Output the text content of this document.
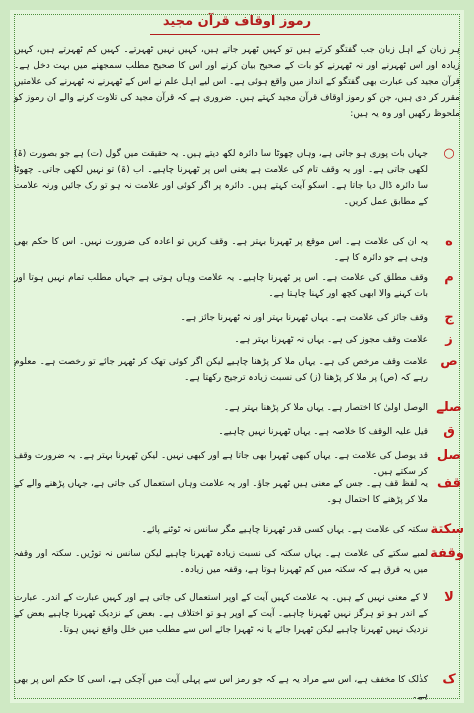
رموز اوقاف قرآن مجید
ہر زبان کے اہل زبان جب گفتگو کرتے ہیں تو کہیں ٹھہر جاتے ہیں، کہیں نہیں ٹھہرتے۔ کہیں کم ٹھہرتے ہیں، کہیں زیادہ اور اس ٹھہرنے اور نہ ٹھہرنے کو بات کے صحیح بیان کرنے اور اس کا صحیح مطلب سمجھنے میں بہت دخل ہے۔ قرآن مجید کی عبارت بھی گفتگو کے انداز میں واقع ہوئی ہے۔ اس لیے اہل علم نے اس کے ٹھہرنے نہ ٹھہرنے کی علامتیں مقرر کر دی ہیں، جن کو رموز اوقاف قرآن مجید کہتے ہیں۔ ضروری ہے کہ قرآن مجید کی تلاوت کرنے والے ان رموز کو ملحوظ رکھیں اور وہ یہ ہیں:
○
جہاں بات پوری ہو جاتی ہے، وہاں چھوٹا سا دائرہ لکھ دیتے ہیں۔ یہ حقیقت میں گول (ت) ہے جو بصورت (ۃ) لکھی جاتی ہے۔ اور یہ وقف تام کی علامت ہے یعنی اس پر ٹھہرنا چاہیے۔ اب (ۃ) تو نہیں لکھی جاتی۔ چھوٹا سا دائرہ ڈال دیا جاتا ہے۔ اسکو آیت کہتے ہیں۔ دائرہ پر اگر کوئی اور علامت نہ ہو تو رک جائیں ورنہ علامت کے مطابق عمل کریں۔
ە
یہ ان کی علامت ہے۔ اس موقع پر ٹھہرنا بہتر ہے۔ وقف کریں تو اعادہ کی ضرورت نہیں۔ اس کا حکم بھی وہی ہے جو دائرہ کا ہے۔
م
وقف مطلق کی علامت ہے۔ اس پر ٹھہرنا چاہیے۔ یہ علامت وہاں ہوتی ہے جہاں مطلب تمام نہیں ہوتا اور بات کہنے والا ابھی کچھ اور کہنا چاہتا ہے۔
ج
وقف جائز کی علامت ہے۔ یہاں ٹھہرنا بہتر اور نہ ٹھہرنا جائز ہے۔
ز
علامت وقف مجوز کی ہے۔ یہاں نہ ٹھہرنا بہتر ہے۔
ص
علامت وقف مرخص کی ہے۔ یہاں ملا کر پڑھنا چاہیے لیکن اگر کوئی تھک کر ٹھہر جائے تو رخصت ہے۔ معلوم رہے کہ (ص) پر ملا کر پڑھنا (ز) کی نسبت زیادہ ترجیح رکھتا ہے۔
صلے
الوصل اولیٰ کا اختصار ہے۔ یہاں ملا کر پڑھنا بہتر ہے۔
ق
قیل علیہ الوقف کا خلاصہ ہے۔ یہاں ٹھہرنا نہیں چاہیے۔
صل
قد یوصل کی علامت ہے۔ یہاں کبھی ٹھہرا بھی جاتا ہے اور کبھی نہیں۔ لیکن ٹھہرنا بہتر ہے۔ یہ ضرورت وقف کر سکتے ہیں۔
قف
یہ لفظ قف ہے۔ جس کے معنی ہیں ٹھہر جاؤ۔ اور یہ علامت وہاں استعمال کی جاتی ہے، جہاں پڑھنے والے کے ملا کر پڑھنے کا احتمال ہو۔
سکتة
سکتہ کی علامت ہے۔ یہاں کسی قدر ٹھہرنا چاہیے مگر سانس نہ ٹوٹنے پائے۔
وقفة
لمبے سکتے کی علامت ہے۔ یہاں سکتہ کی نسبت زیادہ ٹھہرنا چاہیے لیکن سانس نہ توڑیں۔ سکتہ اور وقفہ میں یہ فرق ہے کہ سکتہ میں کم ٹھہرنا ہوتا ہے، وقفہ میں زیادہ۔
لا
لا کے معنی نہیں کے ہیں۔ یہ علامت کہیں آیت کے اوپر استعمال کی جاتی ہے اور کہیں عبارت کے اندر۔ عبارت کے اندر ہو تو ہرگز نہیں ٹھہرنا چاہیے۔ آیت کے اوپر ہو تو اختلاف ہے۔ بعض کے نزدیک ٹھہرنا چاہیے بعض کے نزدیک نہیں ٹھہرنا چاہیے لیکن ٹھہرا جائے یا نہ ٹھہرا جائے اس سے مطلب میں خلل واقع نہیں ہوتا۔
ک
کذٰلک کا مخفف ہے، اس سے مراد یہ ہے کہ جو رمز اس سے پہلی آیت میں آچکی ہے، اسی کا حکم اس پر بھی ہے۔
